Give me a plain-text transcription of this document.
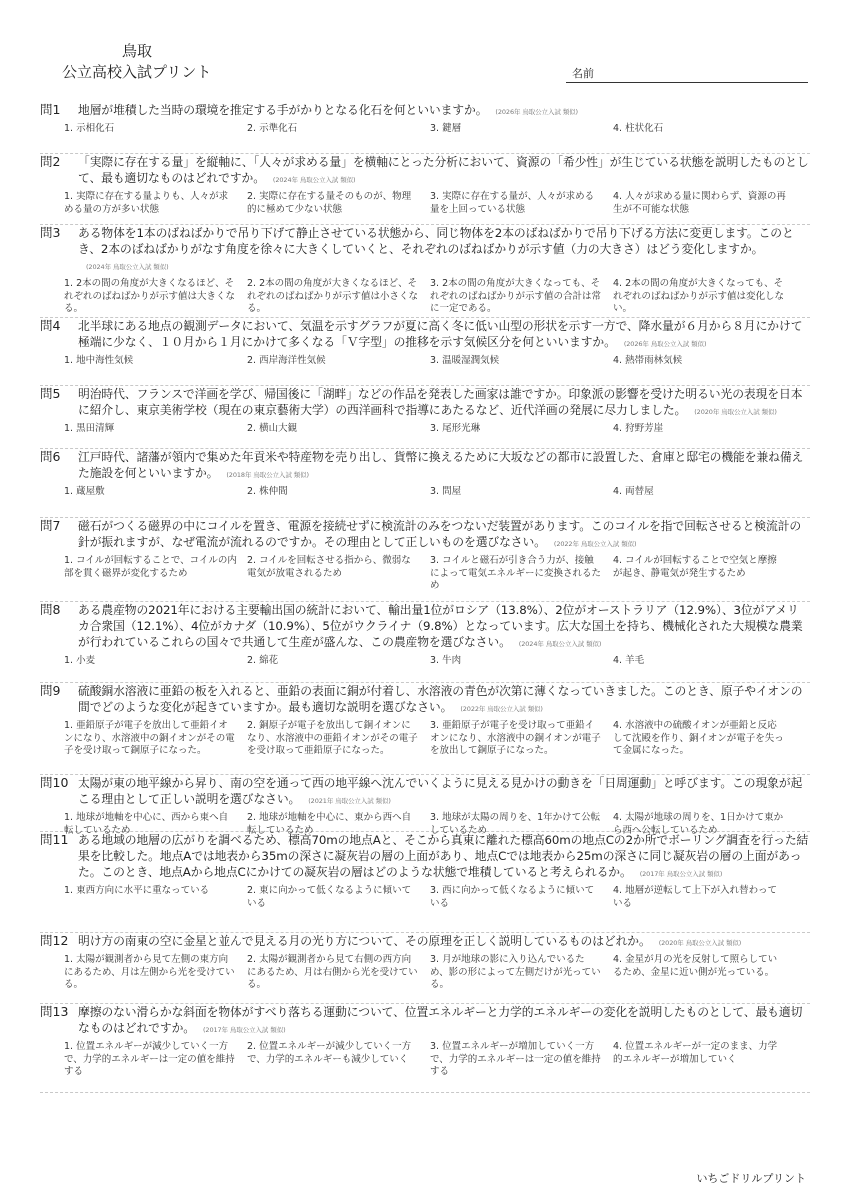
鳥取
公立高校入試プリント	名前
問1	地層が堆積した当時の環境を推定する手がかりとなる化石を何といいますか。 (2026年 鳥取公立入試 類似)
1. 示相化石	2. 示準化石	3. 鍵層	4. 柱状化石
問2	「実際に存在する量」を縦軸に、「人々が求める量」を横軸にとった分析において、資源の「希少性」が生じている状態を説明したものとして、最も適切なものはどれですか。 (2024年 鳥取公立入試 類似)
1. 実際に存在する量よりも、人々が求める量の方が多い状態
2. 実際に存在する量そのものが、物理的に極めて少ない状態
3. 実際に存在する量が、人々が求める量を上回っている状態
4. 人々が求める量に関わらず、資源の再生が不可能な状態
問3	ある物体を1本のばねばかりで吊り下げて静止させている状態から、同じ物体を2本のばねばかりで吊り下げる方法に変更します。このとき、2本のばねばかりがなす角度を徐々に大きくしていくと、それぞれのばねばかりが示す値（力の大きさ）はどう変化しますか。(2024年 鳥取公立入試 類似)
1. 2本の間の角度が大きくなるほど、それぞれのばねばかりが示す値は大きくなる。
2. 2本の間の角度が大きくなるほど、それぞれのばねばかりが示す値は小さくなる。
3. 2本の間の角度が大きくなっても、それぞれのばねばかりが示す値の合計は常に一定である。
4. 2本の間の角度が大きくなっても、それぞれのばねばかりが示す値は変化しない。
問4	北半球にある地点の観測データにおいて、気温を示すグラフが夏に高く冬に低い山型の形状を示す一方で、降水量が６月から８月にかけて極端に少なく、１０月から１月にかけて多くなる「Ｖ字型」の推移を示す気候区分を何といいますか。 (2026年 鳥取公立入試 類似)
1. 地中海性気候	2. 西岸海洋性気候	3. 温暖湿潤気候	4. 熱帯雨林気候
問5	明治時代、フランスで洋画を学び、帰国後に「湖畔」などの作品を発表した画家は誰ですか。印象派の影響を受けた明るい光の表現を日本に紹介し、東京美術学校（現在の東京藝術大学）の西洋画科で指導にあたるなど、近代洋画の発展に尽力しました。 (2020年 鳥取公立入試 類似)
1. 黒田清輝	2. 横山大観	3. 尾形光琳	4. 狩野芳崖
問6	江戸時代、諸藩が領内で集めた年貢米や特産物を売り出し、貨幣に換えるために大坂などの都市に設置した、倉庫と邸宅の機能を兼ね備えた施設を何といいますか。 (2018年 鳥取公立入試 類似)
1. 蔵屋敷	2. 株仲間	3. 問屋	4. 両替屋
問7	磁石がつくる磁界の中にコイルを置き、電源を接続せずに検流計のみをつないだ装置があります。このコイルを指で回転させると検流計の針が振れますが、なぜ電流が流れるのですか。その理由として正しいものを選びなさい。 (2022年 鳥取公立入試 類似)
1. コイルが回転することで、コイルの内部を貫く磁界が変化するため
2. コイルを回転させる指から、微弱な電気が放電されるため
3. コイルと磁石が引き合う力が、接触によって電気エネルギーに変換されるため
4. コイルが回転することで空気と摩擦が起き、静電気が発生するため
問8	ある農産物の2021年における主要輸出国の統計において、輸出量1位がロシア（13.8%）、2位がオーストラリア（12.9%）、3位がアメリカ合衆国（12.1%）、4位がカナダ（10.9%）、5位がウクライナ（9.8%）となっています。広大な国土を持ち、機械化された大規模な農業が行われているこれらの国々で共通して生産が盛んな、この農産物を選びなさい。 (2024年 鳥取公立入試 類似)
1. 小麦	2. 綿花	3. 牛肉	4. 羊毛
問9	硫酸銅水溶液に亜鉛の板を入れると、亜鉛の表面に銅が付着し、水溶液の青色が次第に薄くなっていきました。このとき、原子やイオンの間でどのような変化が起きていますか。最も適切な説明を選びなさい。 (2022年 鳥取公立入試 類似)
1. 亜鉛原子が電子を放出して亜鉛イオンになり、水溶液中の銅イオンがその電子を受け取って銅原子になった。
2. 銅原子が電子を放出して銅イオンになり、水溶液中の亜鉛イオンがその電子を受け取って亜鉛原子になった。
3. 亜鉛原子が電子を受け取って亜鉛イオンになり、水溶液中の銅イオンが電子を放出して銅原子になった。
4. 水溶液中の硫酸イオンが亜鉛と反応して沈殿を作り、銅イオンが電子を失って金属になった。
問10 太陽が東の地平線から昇り、南の空を通って西の地平線へ沈んでいくように見える見かけの動きを「日周運動」と呼びます。この現象が起こる理由として正しい説明を選びなさい。 (2021年 鳥取公立入試 類似)
1. 地球が地軸を中心に、西から東へ自転しているため
2. 地球が地軸を中心に、東から西へ自転しているため
3. 地球が太陽の周りを、1年かけて公転しているため
4. 太陽が地球の周りを、1日かけて東から西へ公転しているため
問11 ある地域の地層の広がりを調べるため、標高70mの地点Aと、そこから真東に離れた標高60mの地点Cの2か所でボーリング調査を行った結果を比較した。地点Aでは地表から35mの深さに凝灰岩の層の上面があり、地点Cでは地表から25mの深さに同じ凝灰岩の層の上面があった。このとき、地点Aから地点Cにかけての凝灰岩の層はどのような状態で堆積していると考えられるか。 (2017年 鳥取公立入試 類似)
1. 東西方向に水平に重なっている	2. 東に向かって低くなるように傾いている
3. 西に向かって低くなるように傾いている
4. 地層が逆転して上下が入れ替わっている
問12 明け方の南東の空に金星と並んで見える月の光り方について、その原理を正しく説明しているものはどれか。 (2020年 鳥取公立入試 類似)
1. 太陽が観測者から見て左側の東方向にあるため、月は左側から光を受けている。
2. 太陽が観測者から見て右側の西方向にあるため、月は右側から光を受けている。
3. 月が地球の影に入り込んでいるため、影の形によって左側だけが光っている。
4. 金星が月の光を反射して照らしているため、金星に近い側が光っている。
問13 摩擦のない滑らかな斜面を物体がすべり落ちる運動について、位置エネルギーと力学的エネルギーの変化を説明したものとして、最も適切なものはどれですか。 (2017年 鳥取公立入試 類似)
1. 位置エネルギーが減少していく一方で、力学的エネルギーは一定の値を維持する
2. 位置エネルギーが減少していく一方で、力学的エネルギーも減少していく
3. 位置エネルギーが増加していく一方で、力学的エネルギーは一定の値を維持する
4. 位置エネルギーが一定のまま、力学的エネルギーが増加していく
いちごドリルプリント
